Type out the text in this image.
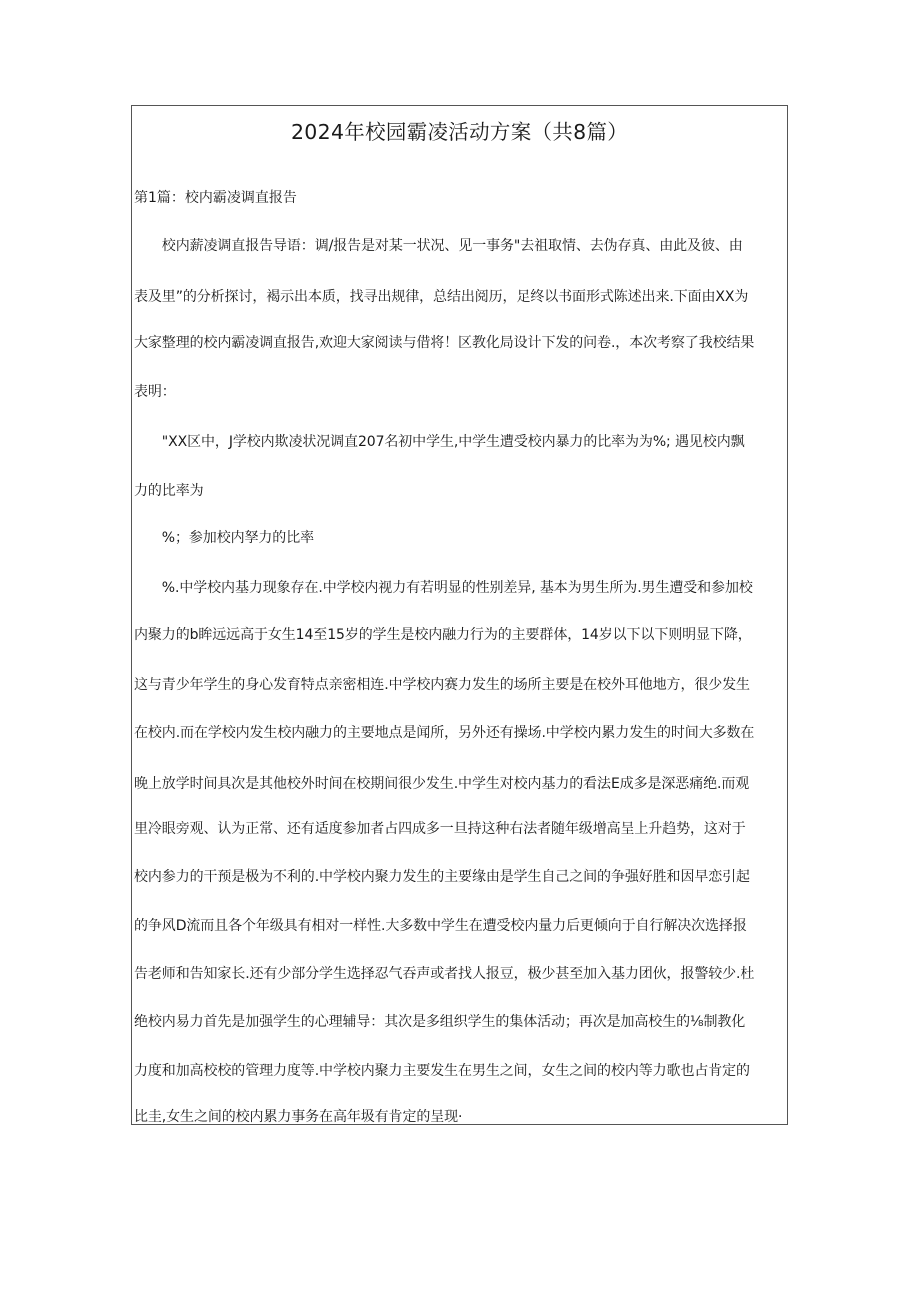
2024年校园霸凌活动方案（共8篇）
第1篇：校内霸凌调直报告
　　校内薪凌调直报告导语：调/报告是对某一状况、见一事务"去祖取情、去伪存真、由此及彼、由
表及里”的分析探讨，褐示出本质，找寻出规律，总结出阅历，足终以书面形式陈述出来.下面由XX为
大家整理的校内霸凌调直报告,欢迎大家阅读与借将！区教化局设计下发的问卷.，本次考察了我校结果
表明：
　　"XX区中，J学校内欺凌状况调直207名初中学生,中学生遭受校内暴力的比率为为%; 遇见校内飘
力的比率为
　　%；参加校内孥力的比率
　　%.中学校内基力现象存在.中学校内视力有若明显的性别差异, 基本为男生所为.男生遭受和参加校
内聚力的b眸远远高于女生14至15岁的学生是校内融力行为的主要群体，14岁以下以下则明显下降，
这与青少年学生的身心发育特点亲密相连.中学校内赛力发生的场所主要是在校外耳他地方，很少发生
在校内.而在学校内发生校内融力的主要地点是闻所，另外还有操场.中学校内累力发生的时间大多数在
晚上放学时间具次是其他校外时间在校期间很少发生.中学生对校内基力的看法E成多是深恶痛绝.而观
里冷眼旁观、认为正常、还有适度参加者占四成多一旦持这种右法者随年级增高呈上升趋势，这对于
校内参力的干预是极为不利的.中学校内聚力发生的主要缘由是学生自己之间的争强好胜和因早恋引起
的争风D流而且各个年级具有相对一样性.大多数中学生在遭受校内量力后更倾向于自行解决次选择报
告老师和告知家长.还有少部分学生选择忍气吞声或者找人报豆，极少甚至加入基力团伙，报警较少.杜
绝校内易力首先是加强学生的心理辅导：其次是多组织学生的集体活动；再次是加高校生的⅛制教化
力度和加高校校的管理力度等.中学校内聚力主要发生在男生之间，女生之间的校内等力歌也占肯定的
比圭,女生之间的校内累力事务在高年圾有肯定的呈现·
